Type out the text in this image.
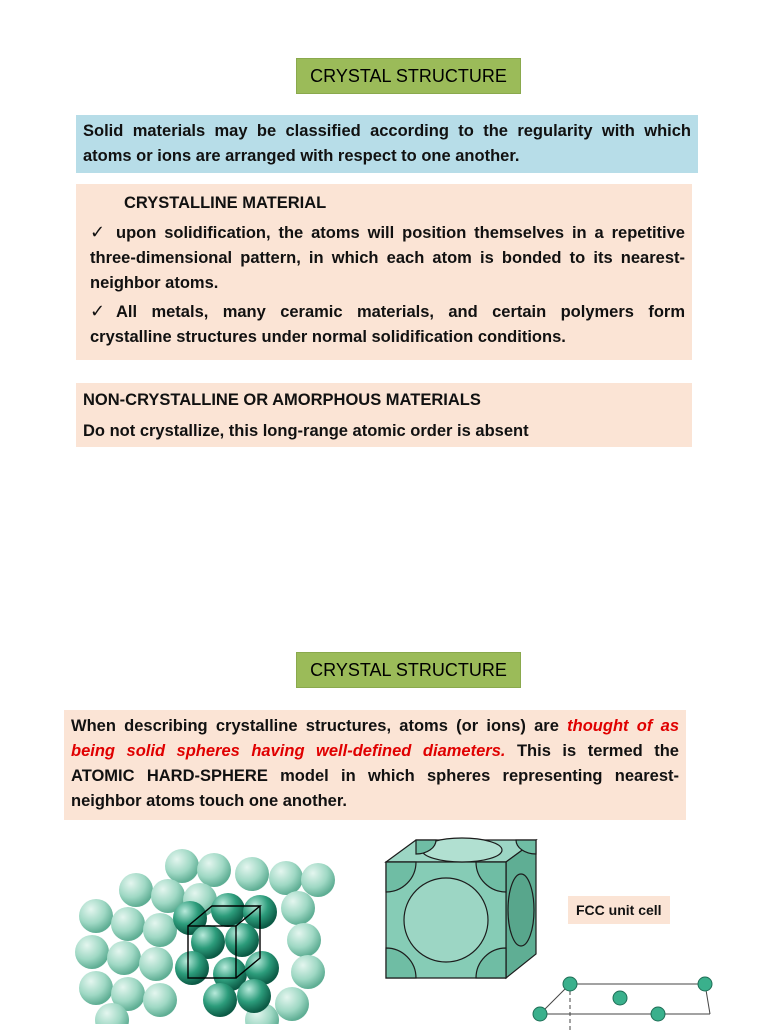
CRYSTAL STRUCTURE
Solid materials may be classified according to the regularity with which atoms or ions are arranged with respect to one another.
CRYSTALLINE MATERIAL
✓ upon solidification, the atoms will position themselves in a repetitive three-dimensional pattern, in which each atom is bonded to its nearest-neighbor atoms.
✓ All metals, many ceramic materials, and certain polymers form crystalline structures under normal solidification conditions.
NON-CRYSTALLINE OR AMORPHOUS MATERIALS
Do not crystallize, this long-range atomic order is absent
CRYSTAL STRUCTURE
When describing crystalline structures, atoms (or ions) are thought of as being solid spheres having well-defined diameters. This is termed the ATOMIC HARD-SPHERE model in which spheres representing nearest-neighbor atoms touch one another.
FCC unit cell
